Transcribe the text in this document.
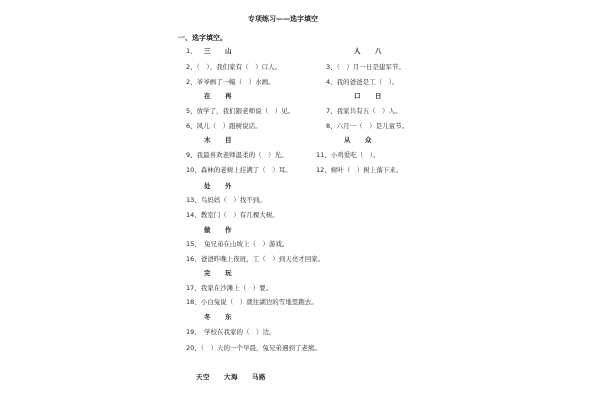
专项练习——选字填空
一、选字填空。
1、 三　　山	人　　八
2、（　）、我们家有（　）口人。	3、（　）月一日是建军节。
2、爷爷画了一幅（　）水画。	4、我的爸爸是工（　）。
在　　再	口　　日
5、放学了，我们跟老师说（　）见。	7、我家共有五（　）人。
6、风儿（　）跟树说话。	8、六月一（　）是儿童节。
木　　目	从　　众
9、我最喜欢老师温柔的（　）光。	11、小鸡爱吃（　）。
10、森林的老树上挂满了（　）耳。	12、树叶（　）树上落下来。
处　　外
13、鸟妈妈（　）找不到。
14、教室门（　）有几棵大树。
做　　作
15、　兔兄弟在山坡上（　）游戏。
16、爸爸昨晚上夜班，工（　）到天亮才回家。
完　　玩
17、我家在沙滩上（　）要。
18、小白兔说（　）就往湖边的雪地里跑去。
冬　　东
19、　学校在我家的（　）边。
20、（　）天的一个早晨，兔兄弟遇到了老熊。
天空　　大海　　马路
